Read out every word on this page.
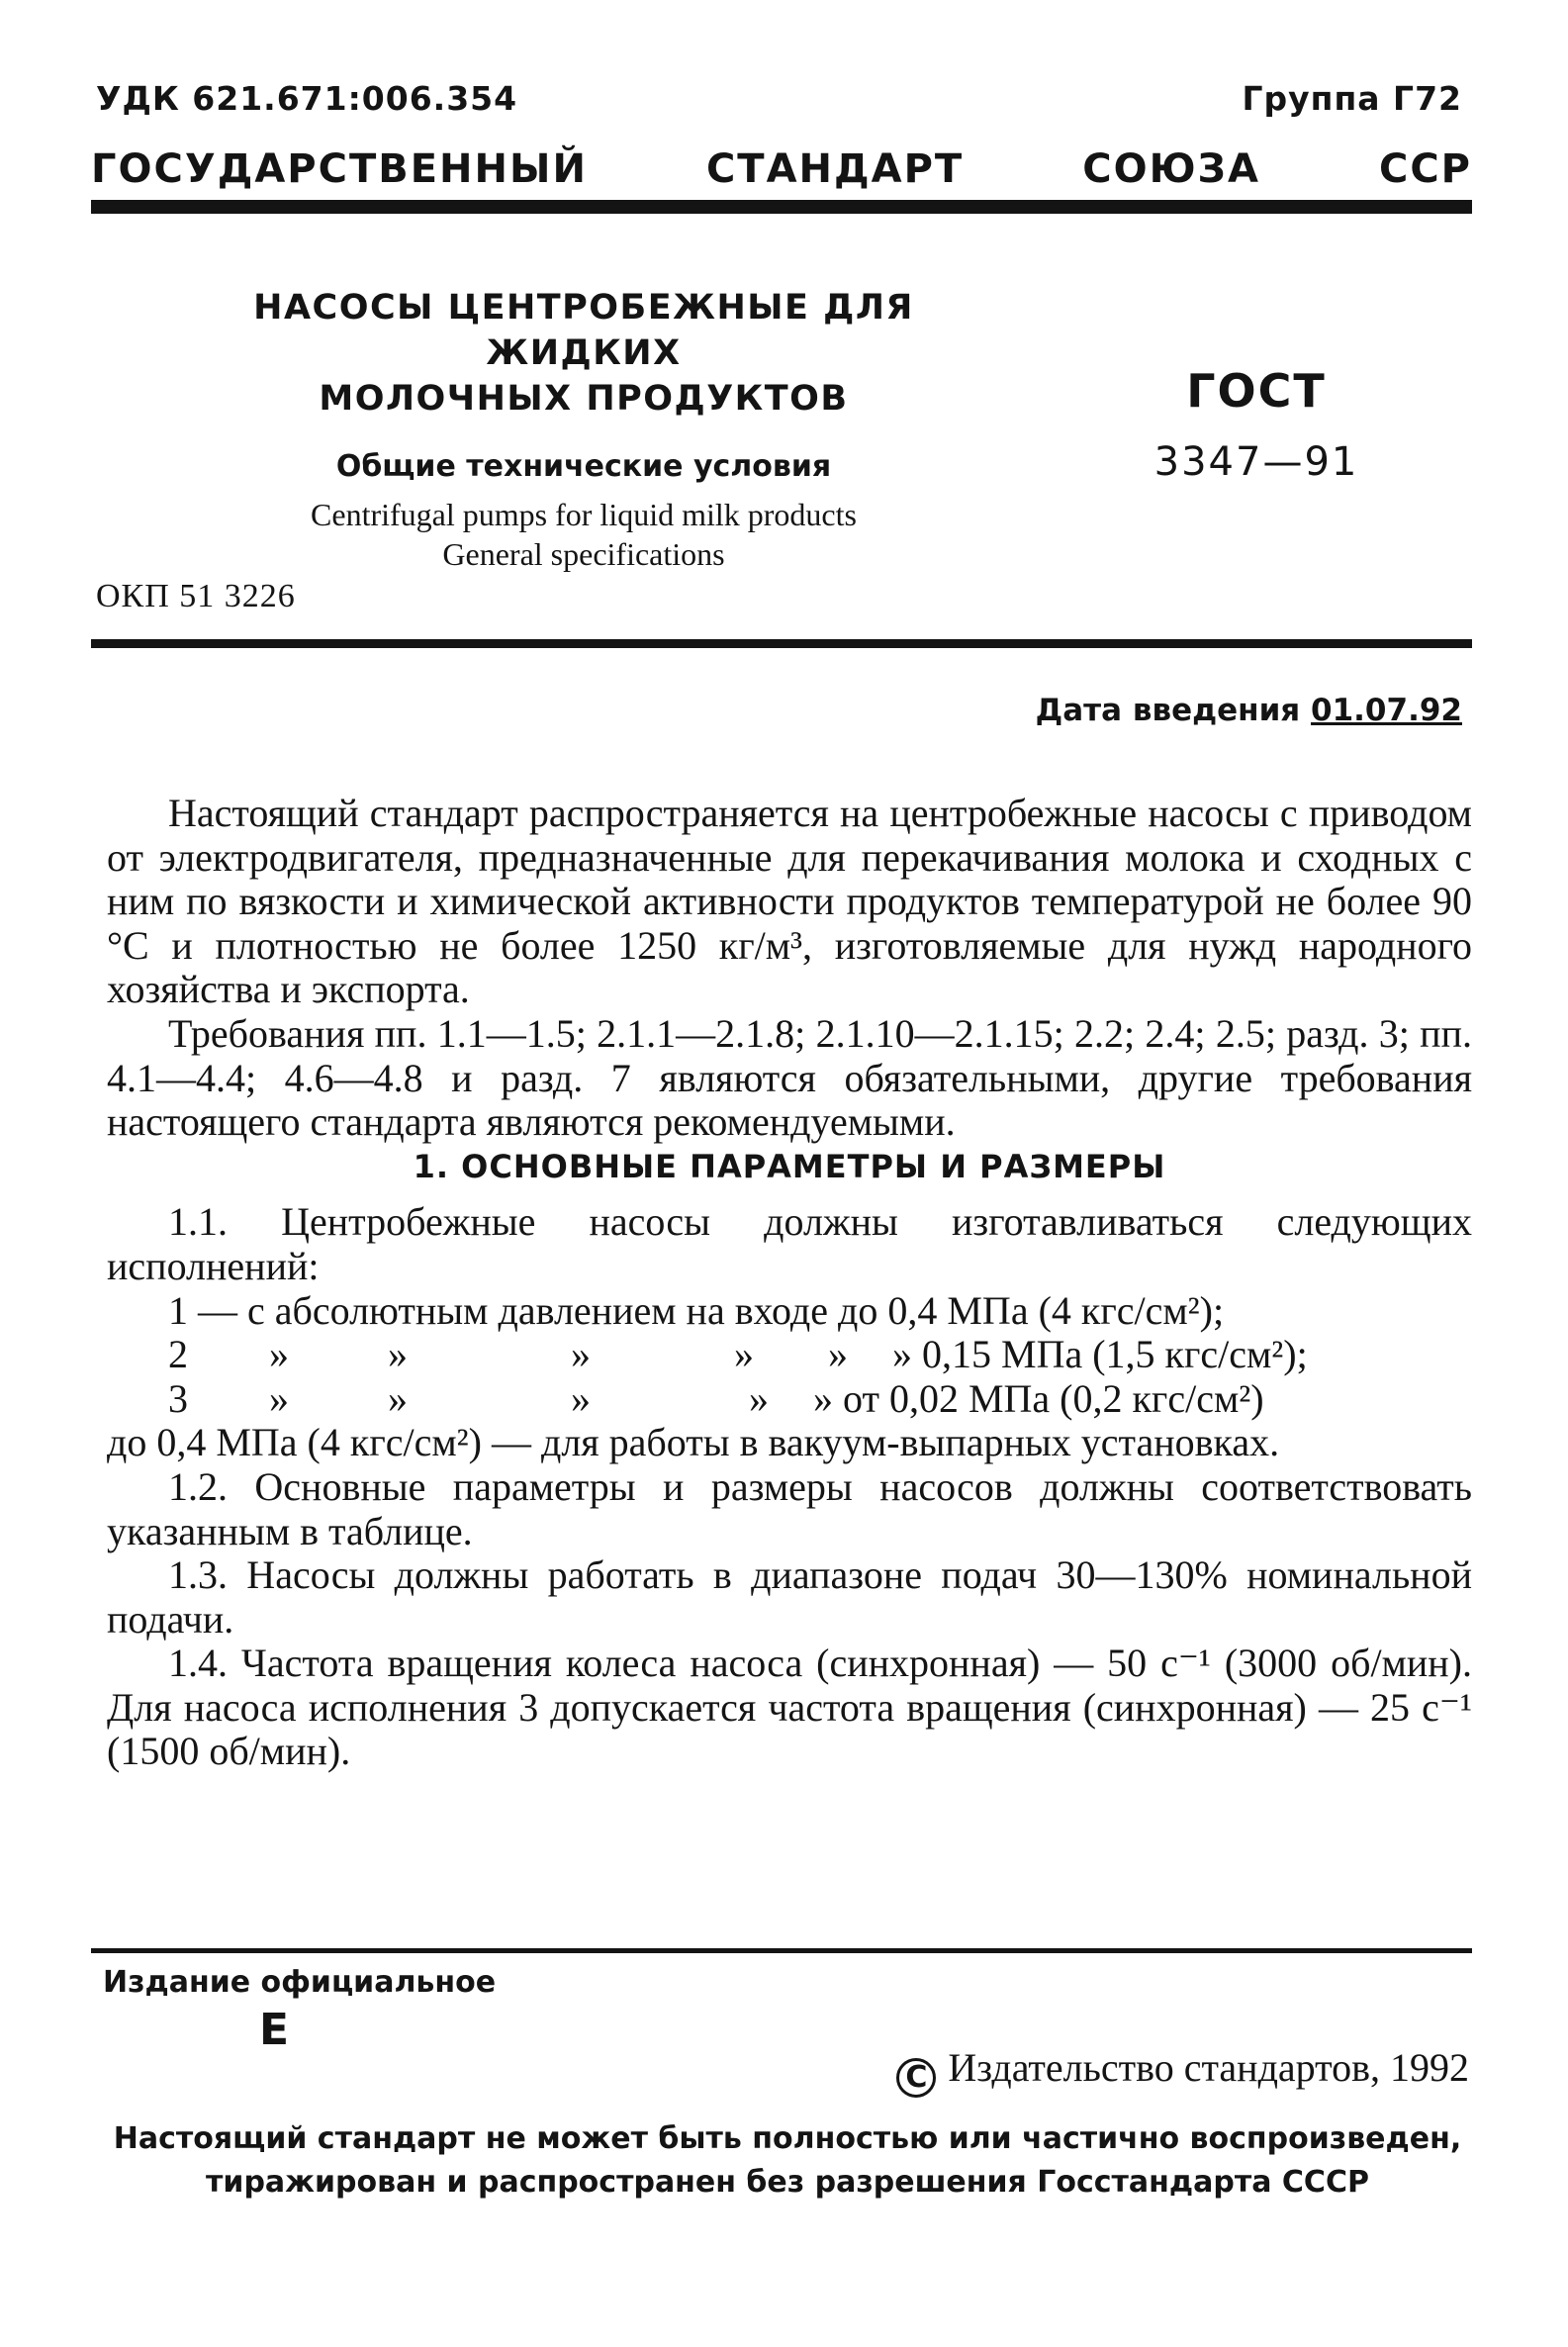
УДК 621.671:006.354	Группа Г72
ГОСУДАРСТВЕННЫЙ СТАНДАРТ СОЮЗА ССР
НАСОСЫ ЦЕНТРОБЕЖНЫЕ ДЛЯ ЖИДКИХ
МОЛОЧНЫХ ПРОДУКТОВ
Общие технические условия
Centrifugal pumps for liquid milk products
General specifications
ГОСТ
3347—91
ОКП 51 3226
Дата введения 01.07.92

Настоящий стандарт распространяется на центробежные насосы с приводом от электродвигателя, предназначенные для перекачивания молока и сходных с ним по вязкости и химической активности продуктов температурой не более 90 °С и плотностью не более 1250 кг/м³, изготовляемые для нужд народного хозяйства и экспорта.

Требования пп. 1.1—1.5; 2.1.1—2.1.8; 2.1.10—2.1.15; 2.2; 2.4; 2.5; разд. 3; пп. 4.1—4.4; 4.6—4.8 и разд. 7 являются обязательными, другие требования настоящего стандарта являются рекомендуемыми.

1. ОСНОВНЫЕ ПАРАМЕТРЫ И РАЗМЕРЫ

1.1. Центробежные насосы должны изготавливаться следующих исполнений:

1 — с абсолютным давлением на входе до 0,4 МПа (4 кгс/см²);
2	»	»	»	»	»	» 0,15 МПа (1,5 кгс/см²);
3	»	»	»	»	» от 0,02 МПа (0,2 кгс/см²)

до 0,4 МПа (4 кгс/см²) — для работы в вакуум-выпарных установках.

1.2. Основные параметры и размеры насосов должны соответствовать указанным в таблице.

1.3. Насосы должны работать в диапазоне подач 30—130% номинальной подачи.

1.4. Частота вращения колеса насоса (синхронная) — 50 с⁻¹ (3000 об/мин). Для насоса исполнения 3 допускается частота вращения (синхронная) — 25 с⁻¹ (1500 об/мин).

Издание официальное
Е
C Издательство стандартов, 1992
Настоящий стандарт не может быть полностью или частично воспроизведен,
тиражирован и распространен без разрешения Госстандарта СССР
